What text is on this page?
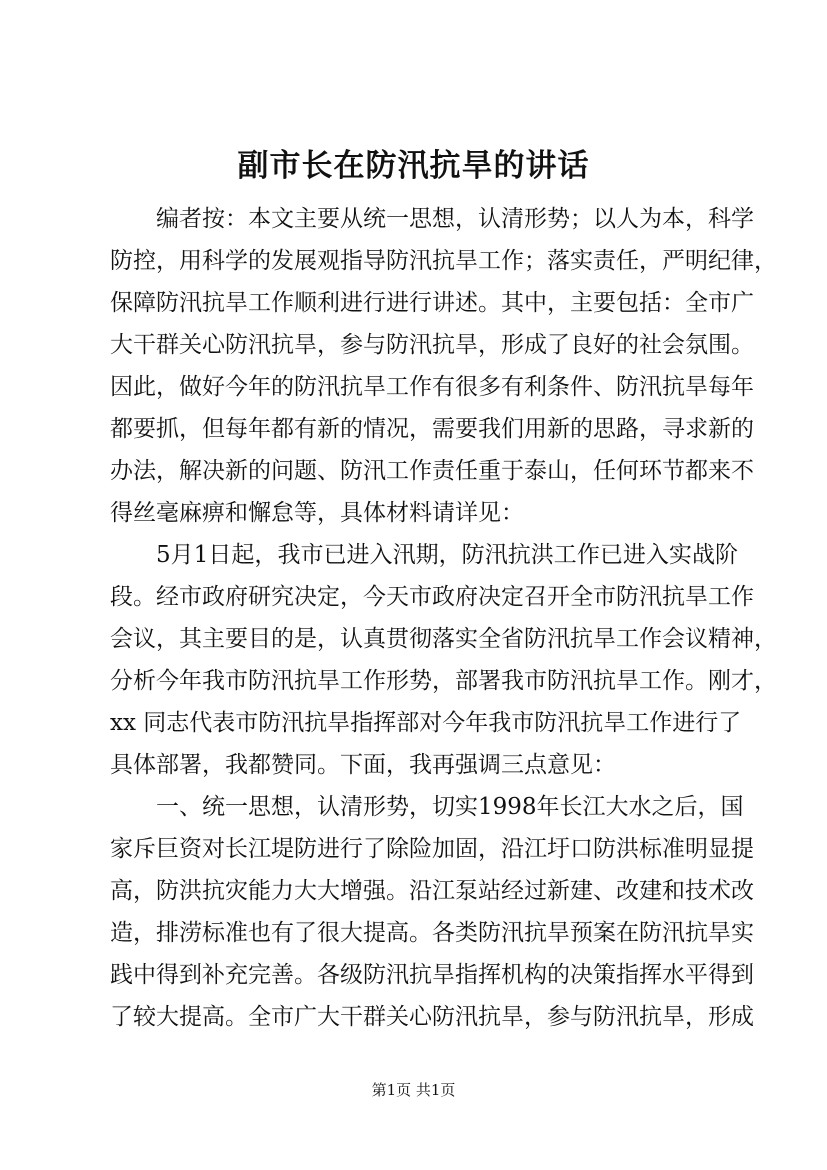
副市长在防汛抗旱的讲话
编者按：本文主要从统一思想，认清形势；以人为本，科学
防控，用科学的发展观指导防汛抗旱工作；落实责任，严明纪律，
保障防汛抗旱工作顺利进行进行讲述。其中，主要包括：全市广
大干群关心防汛抗旱，参与防汛抗旱，形成了良好的社会氛围。
因此，做好今年的防汛抗旱工作有很多有利条件、防汛抗旱每年
都要抓，但每年都有新的情况，需要我们用新的思路，寻求新的
办法，解决新的问题、防汛工作责任重于泰山，任何环节都来不
得丝毫麻痹和懈怠等，具体材料请详见：
5月1日起，我市已进入汛期，防汛抗洪工作已进入实战阶
段。经市政府研究决定，今天市政府决定召开全市防汛抗旱工作
会议，其主要目的是，认真贯彻落实全省防汛抗旱工作会议精神，
分析今年我市防汛抗旱工作形势，部署我市防汛抗旱工作。刚才，
xx 同志代表市防汛抗旱指挥部对今年我市防汛抗旱工作进行了
具体部署，我都赞同。下面，我再强调三点意见：
一、统一思想，认清形势，切实1998年长江大水之后，国
家斥巨资对长江堤防进行了除险加固，沿江圩口防洪标准明显提
高，防洪抗灾能力大大增强。沿江泵站经过新建、改建和技术改
造，排涝标准也有了很大提高。各类防汛抗旱预案在防汛抗旱实
践中得到补充完善。各级防汛抗旱指挥机构的决策指挥水平得到
了较大提高。全市广大干群关心防汛抗旱，参与防汛抗旱，形成
第1页 共1页
